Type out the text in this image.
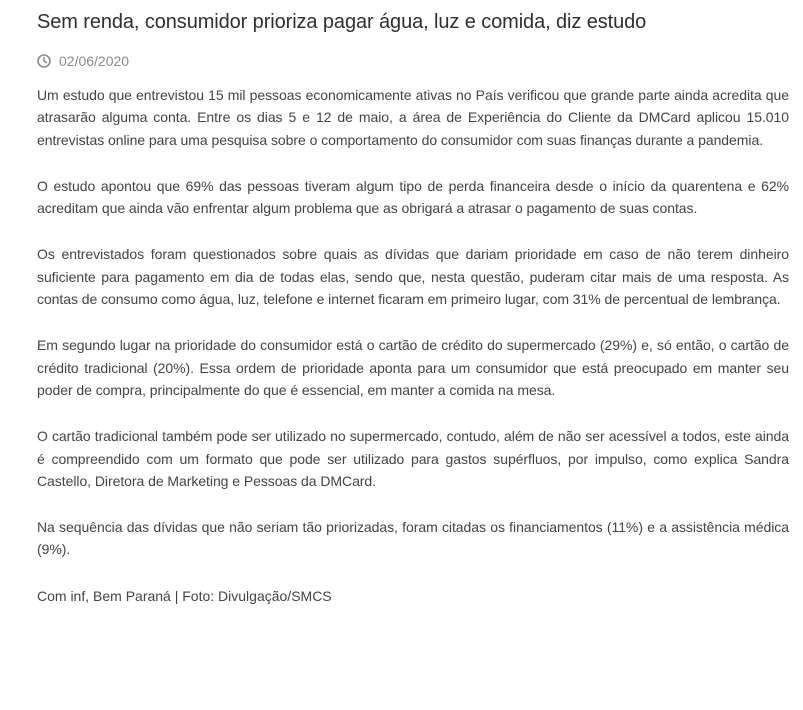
Sem renda, consumidor prioriza pagar água, luz e comida, diz estudo
02/06/2020

Um estudo que entrevistou 15 mil pessoas economicamente ativas no País verificou que grande parte ainda acredita que atrasarão alguma conta. Entre os dias 5 e 12 de maio, a área de Experiência do Cliente da DMCard aplicou 15.010 entrevistas online para uma pesquisa sobre o comportamento do consumidor com suas finanças durante a pandemia.

O estudo apontou que 69% das pessoas tiveram algum tipo de perda financeira desde o início da quarentena e 62% acreditam que ainda vão enfrentar algum problema que as obrigará a atrasar o pagamento de suas contas.

Os entrevistados foram questionados sobre quais as dívidas que dariam prioridade em caso de não terem dinheiro suficiente para pagamento em dia de todas elas, sendo que, nesta questão, puderam citar mais de uma resposta. As contas de consumo como água, luz, telefone e internet ficaram em primeiro lugar, com 31% de percentual de lembrança.

Em segundo lugar na prioridade do consumidor está o cartão de crédito do supermercado (29%) e, só então, o cartão de crédito tradicional (20%). Essa ordem de prioridade aponta para um consumidor que está preocupado em manter seu poder de compra, principalmente do que é essencial, em manter a comida na mesa.

O cartão tradicional também pode ser utilizado no supermercado, contudo, além de não ser acessível a todos, este ainda é compreendido com um formato que pode ser utilizado para gastos supérfluos, por impulso, como explica Sandra Castello, Diretora de Marketing e Pessoas da DMCard.

Na sequência das dívidas que não seriam tão priorizadas, foram citadas os financiamentos (11%) e a assistência médica (9%).

Com inf, Bem Paraná | Foto: Divulgação/SMCS
